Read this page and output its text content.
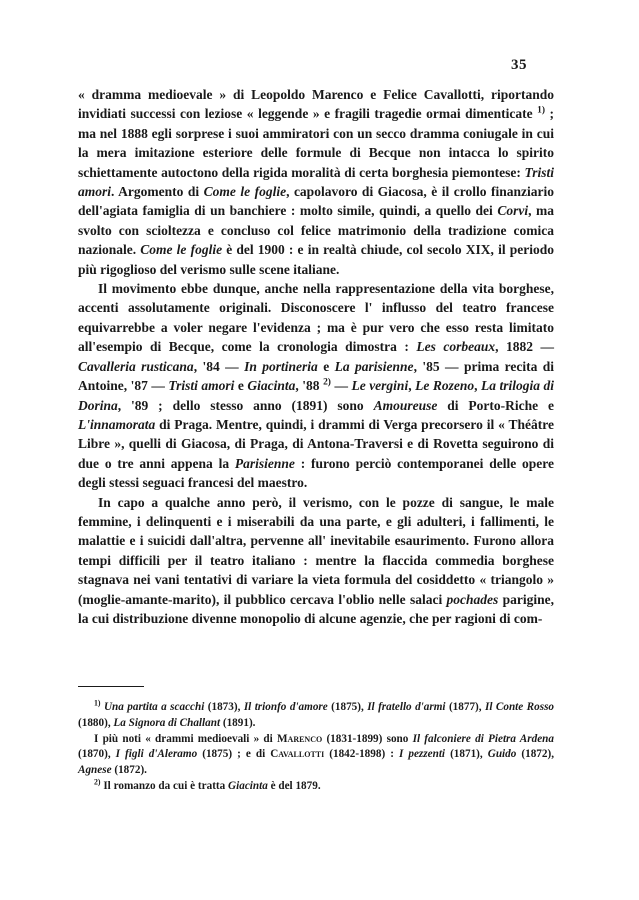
35

« dramma medioevale » di Leopoldo Marenco e Felice Cavallotti, riportando invidiati successi con leziose « leggende » e fragili tragedie ormai dimenticate $^{1)}$ ; ma nel 1888 egli sorprese i suoi ammiratori con un secco dramma coniugale in cui la mera imitazione esteriore delle formule di Becque non intacca lo spirito schiettamente autoctono della rigida moralità di certa borghesia piemontese: Tristi amori. Argomento di Come le foglie, capolavoro di Giacosa, è il crollo finanziario dell'agiata famiglia di un banchiere : molto simile, quindi, a quello dei Corvi, ma svolto con scioltezza e concluso col felice matrimonio della tradizione comica nazionale. Come le foglie è del 1900 : e in realtà chiude, col secolo XIX, il periodo più rigoglioso del verismo sulle scene italiane.

Il movimento ebbe dunque, anche nella rappresentazione della vita borghese, accenti assolutamente originali. Disconoscere l' influsso del teatro francese equivarrebbe a voler negare l'evidenza ; ma è pur vero che esso resta limitato all'esempio di Becque, come la cronologia dimostra : Les corbeaux, 1882 — Cavalleria rusticana, '84 — In portineria e La parisienne, '85 — prima recita di Antoine, '87 — Tristi amori e Giacinta, '88 $^{2)}$ — Le vergini, Le Rozeno, La trilogia di Dorina, '89 ; dello stesso anno (1891) sono Amoureuse di Porto-Riche e L'innamorata di Praga. Mentre, quindi, i drammi di Verga precorsero il « Théâtre Libre », quelli di Giacosa, di Praga, di Antona-Traversi e di Rovetta seguirono di due o tre anni appena la Parisienne : furono perciò contemporanei delle opere degli stessi seguaci francesi del maestro.

In capo a qualche anno però, il verismo, con le pozze di sangue, le male femmine, i delinquenti e i miserabili da una parte, e gli adulteri, i fallimenti, le malattie e i suicidi dall'altra, pervenne all' inevitabile esaurimento. Furono allora tempi difficili per il teatro italiano : mentre la flaccida commedia borghese stagnava nei vani tentativi di variare la vieta formula del cosiddetto « triangolo » (moglie-amante-marito), il pubblico cercava l'oblio nelle salaci pochades parigine, la cui distribuzione divenne monopolio di alcune agenzie, che per ragioni di com-

$^{1)}$ Una partita a scacchi (1873), Il trionfo d'amore (1875), Il fratello d'armi (1877), Il Conte Rosso (1880), La Signora di Challant (1891).

I più noti « drammi medioevali » di Marenco (1831-1899) sono Il falconiere di Pietra Ardena (1870), I figli d'Aleramo (1875) ; e di Cavallotti (1842-1898) : I pezzenti (1871), Guido (1872), Agnese (1872).

$^{2)}$ Il romanzo da cui è tratta Giacinta è del 1879.
